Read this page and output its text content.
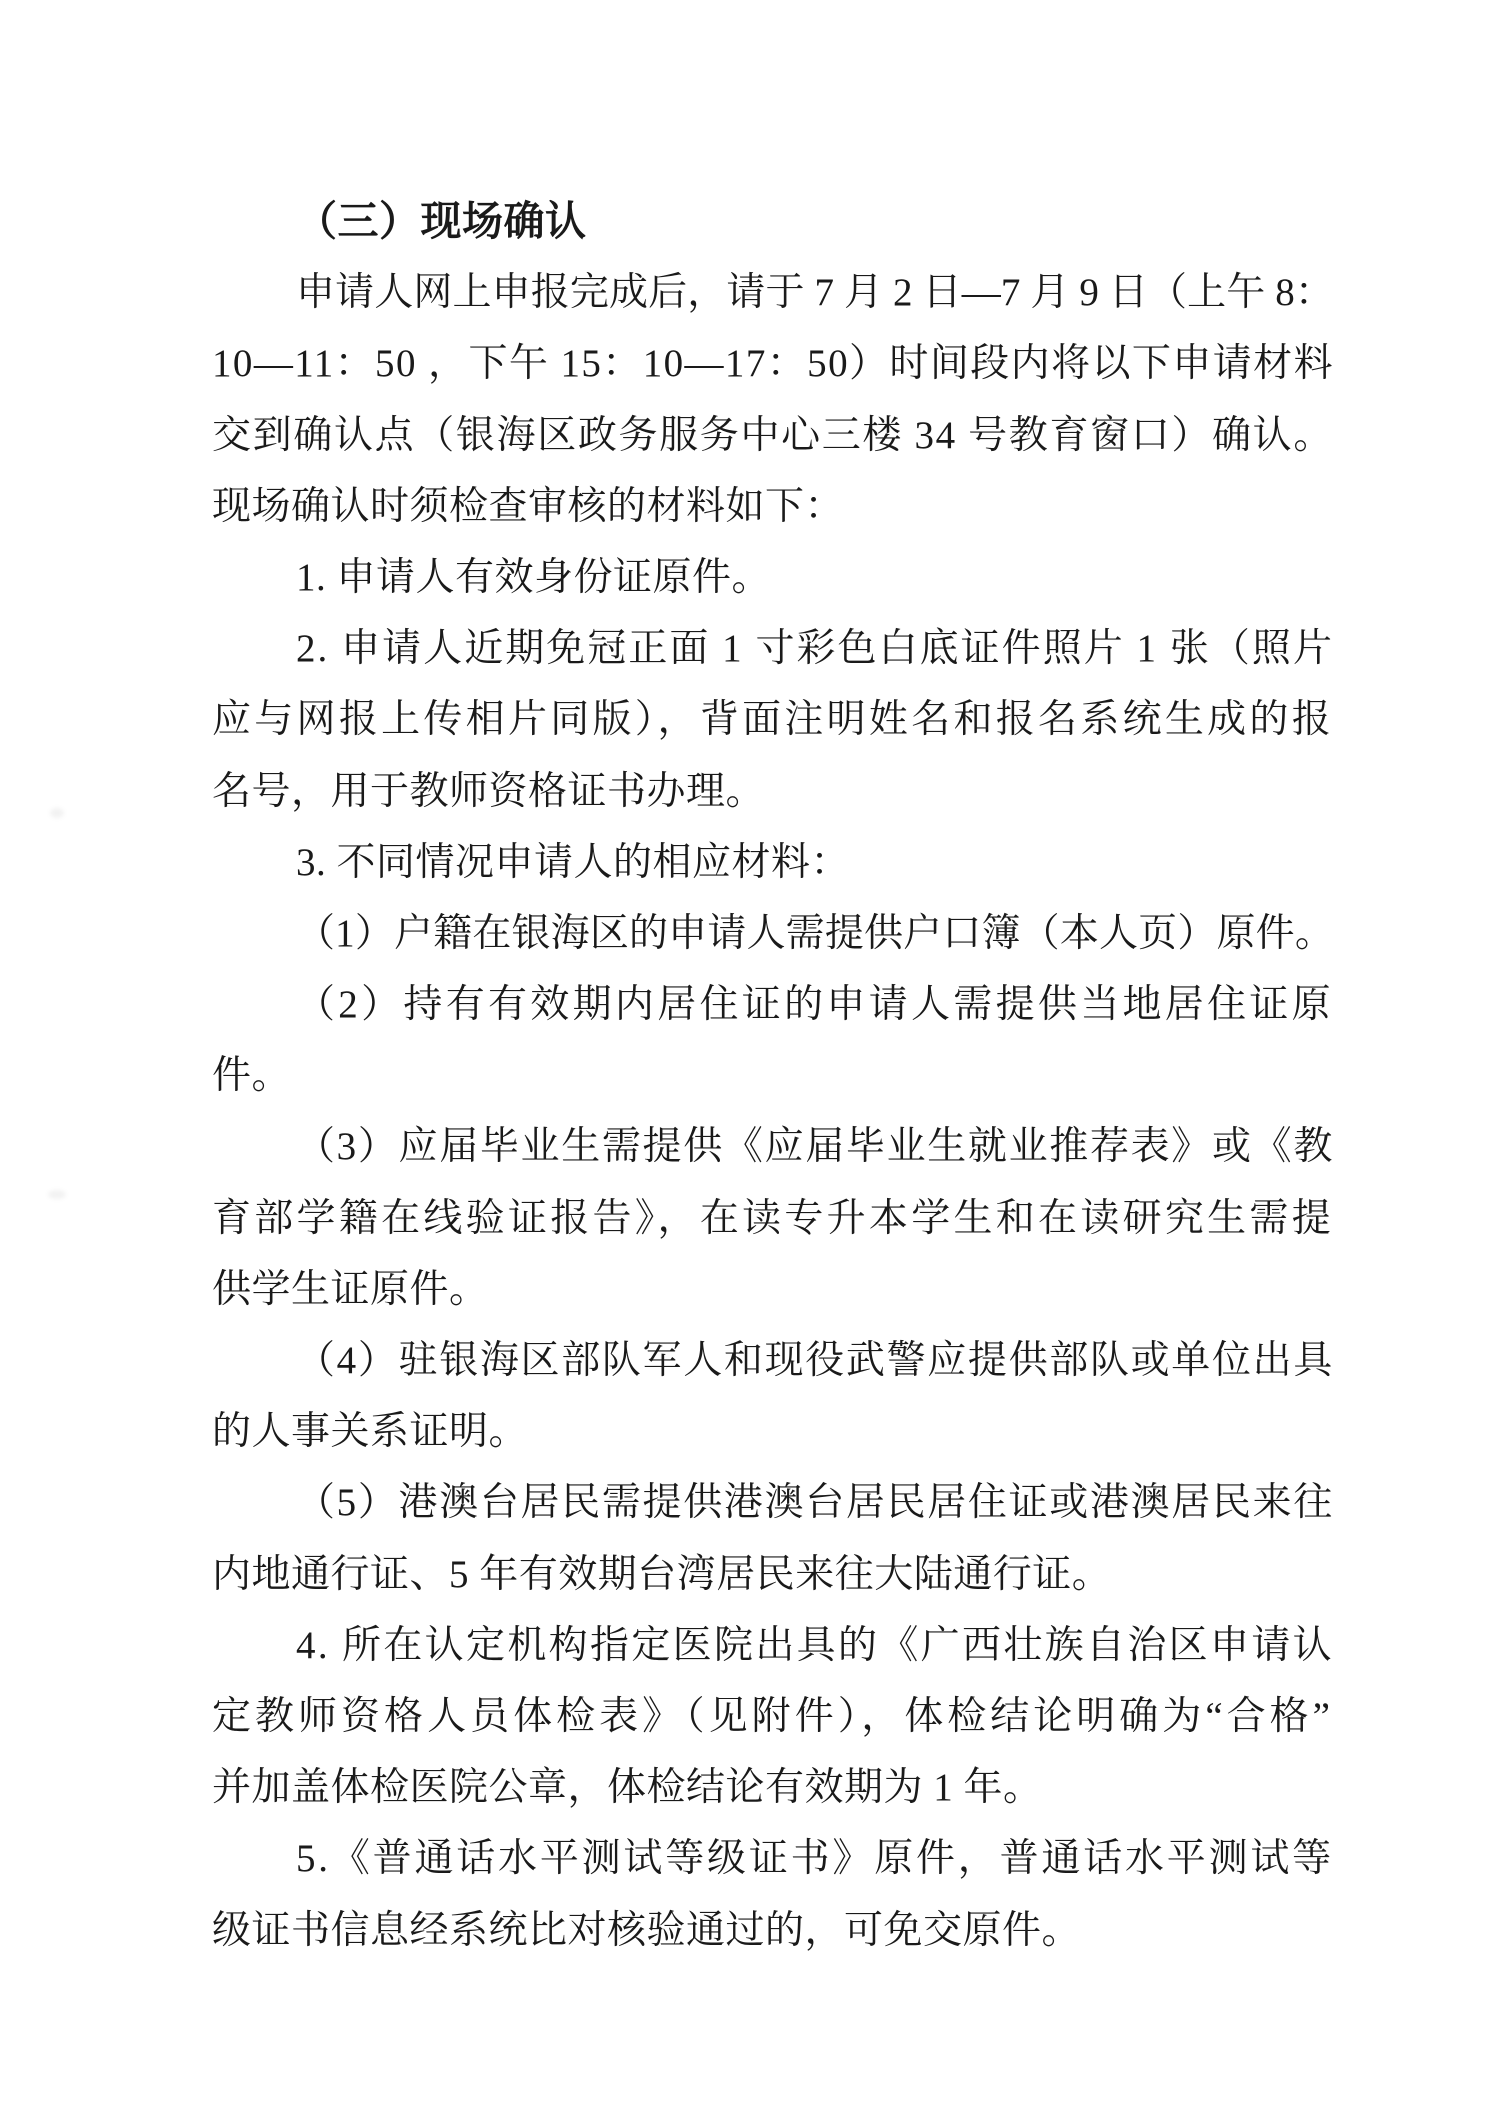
（三）现场确认
申请人网上申报完成后，请于 7 月 2 日—7 月 9 日（上午 8：
10—11：50 ，下午 15：10—17：50）时间段内将以下申请材料
交到确认点（银海区政务服务中心三楼 34 号教育窗口）确认。
现场确认时须检查审核的材料如下：
1. 申请人有效身份证原件。
2. 申请人近期免冠正面 1 寸彩色白底证件照片 1 张（照片
应与网报上传相片同版），背面注明姓名和报名系统生成的报
名号，用于教师资格证书办理。
3. 不同情况申请人的相应材料：
（1）户籍在银海区的申请人需提供户口簿（本人页）原件。
（2）持有有效期内居住证的申请人需提供当地居住证原
件。
（3）应届毕业生需提供《应届毕业生就业推荐表》或《教
育部学籍在线验证报告》，在读专升本学生和在读研究生需提
供学生证原件。
（4）驻银海区部队军人和现役武警应提供部队或单位出具
的人事关系证明。
（5）港澳台居民需提供港澳台居民居住证或港澳居民来往
内地通行证、5 年有效期台湾居民来往大陆通行证。
4. 所在认定机构指定医院出具的《广西壮族自治区申请认
定教师资格人员体检表》（见附件），体检结论明确为“合格”
并加盖体检医院公章，体检结论有效期为 1 年。
5.《普通话水平测试等级证书》原件，普通话水平测试等
级证书信息经系统比对核验通过的，可免交原件。
